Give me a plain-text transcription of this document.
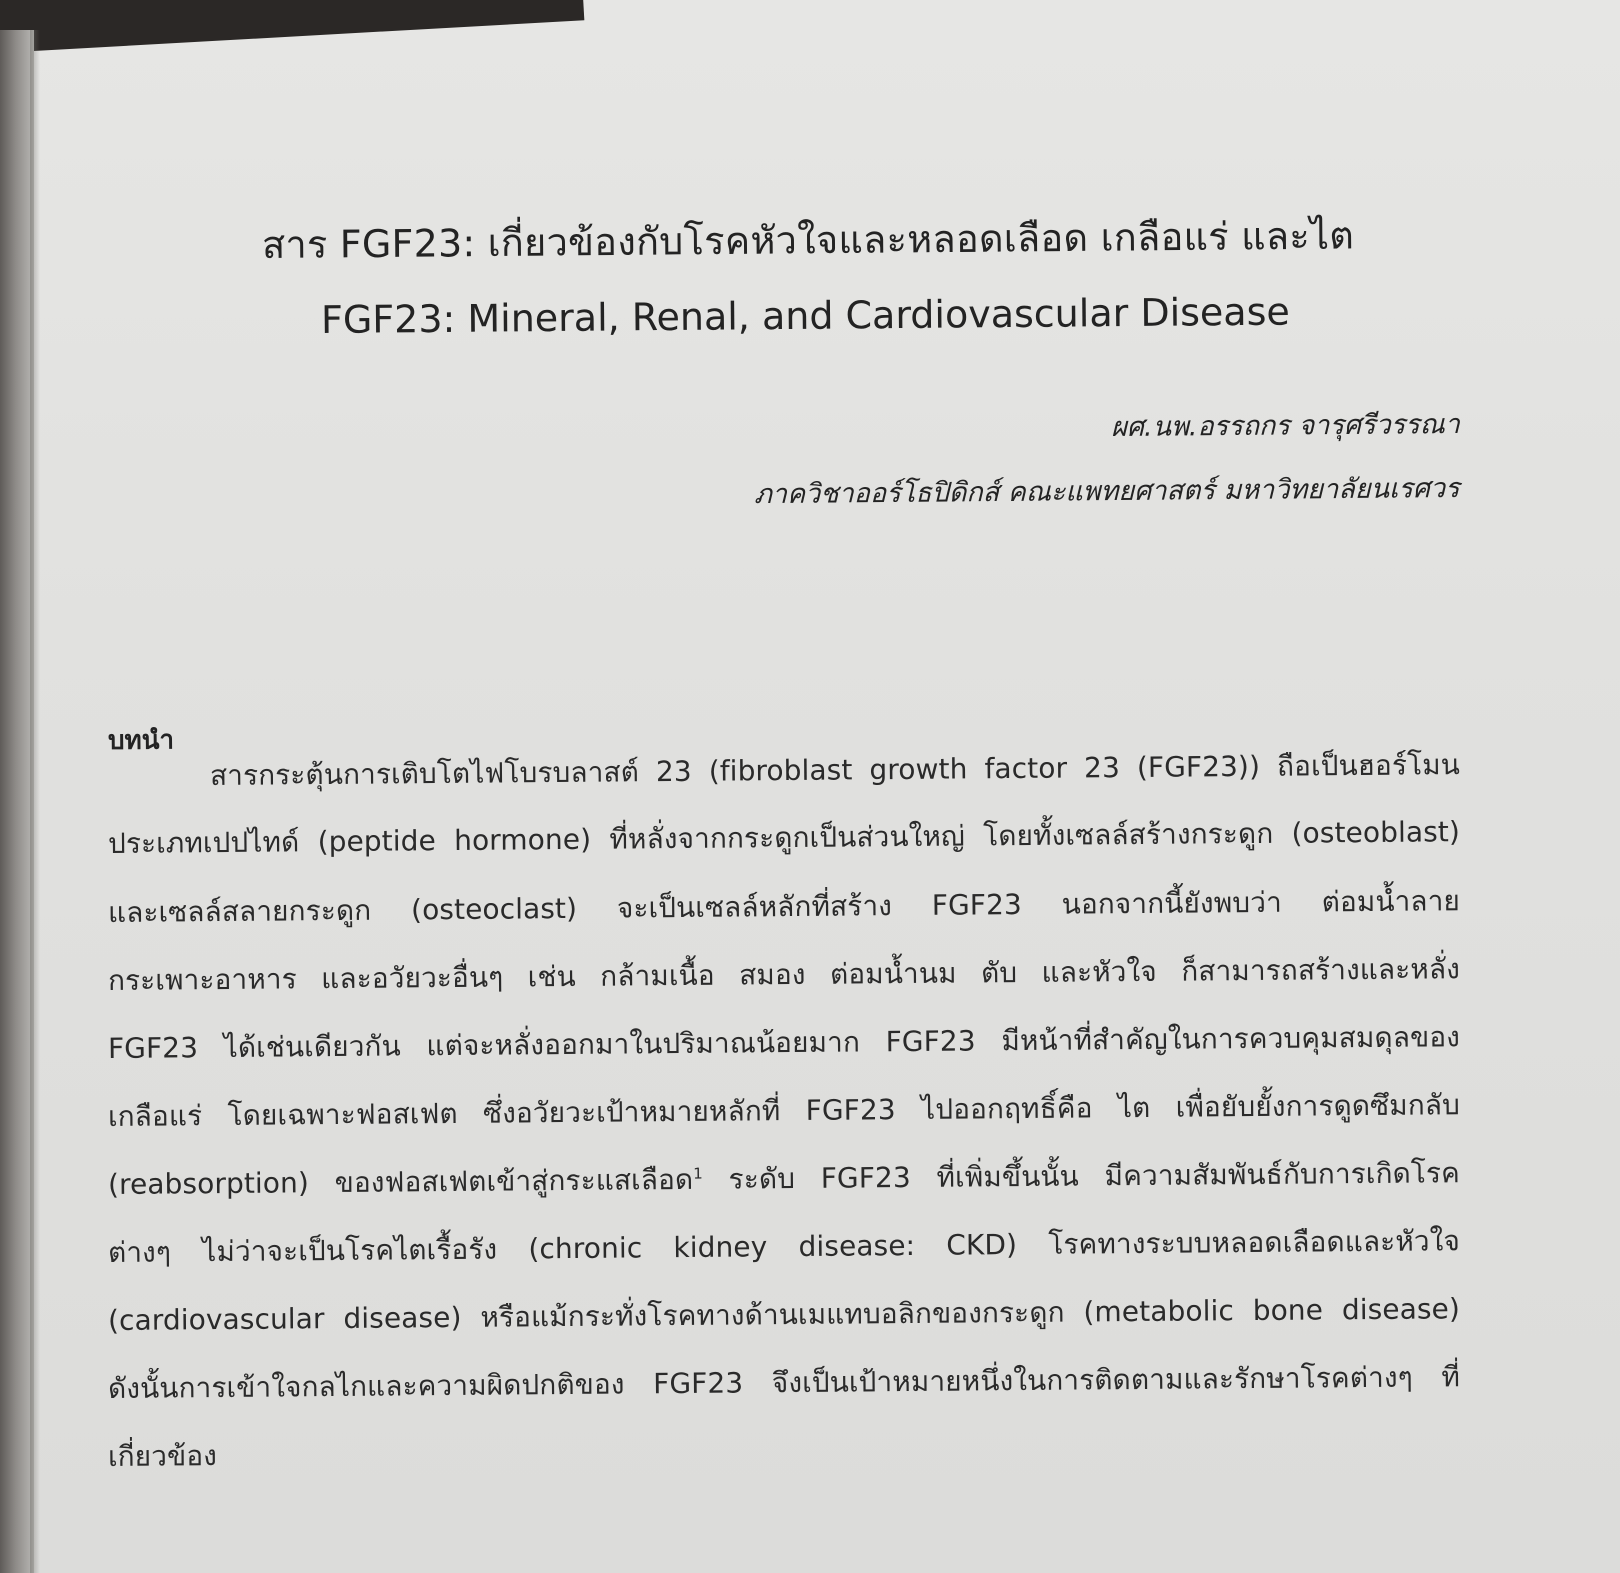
สาร FGF23: เกี่ยวข้องกับโรคหัวใจและหลอดเลือด เกลือแร่ และไต
FGF23: Mineral, Renal, and Cardiovascular Disease
ผศ.นพ.อรรถกร จารุศรีวรรณา
ภาควิชาออร์โธปิดิกส์ คณะแพทยศาสตร์ มหาวิทยาลัยนเรศวร
บทนำ
สารกระตุ้นการเติบโตไฟโบรบลาสต์ 23 (fibroblast growth factor 23 (FGF23)) ถือเป็นฮอร์โมน
ประเภทเปปไทด์ (peptide hormone) ที่หลั่งจากกระดูกเป็นส่วนใหญ่ โดยทั้งเซลล์สร้างกระดูก (osteoblast)
และเซลล์สลายกระดูก (osteoclast) จะเป็นเซลล์หลักที่สร้าง FGF23 นอกจากนี้ยังพบว่า ต่อมน้ำลาย
กระเพาะอาหาร และอวัยวะอื่นๆ เช่น กล้ามเนื้อ สมอง ต่อมน้ำนม ตับ และหัวใจ ก็สามารถสร้างและหลั่ง
FGF23 ได้เช่นเดียวกัน แต่จะหลั่งออกมาในปริมาณน้อยมาก FGF23 มีหน้าที่สำคัญในการควบคุมสมดุลของ
เกลือแร่ โดยเฉพาะฟอสเฟต ซึ่งอวัยวะเป้าหมายหลักที่ FGF23 ไปออกฤทธิ์คือ ไต เพื่อยับยั้งการดูดซึมกลับ
(reabsorption) ของฟอสเฟตเข้าสู่กระแสเลือด$^1$ ระดับ FGF23 ที่เพิ่มขึ้นนั้น มีความสัมพันธ์กับการเกิดโรค
ต่างๆ ไม่ว่าจะเป็นโรคไตเรื้อรัง (chronic kidney disease: CKD) โรคทางระบบหลอดเลือดและหัวใจ
(cardiovascular disease) หรือแม้กระทั่งโรคทางด้านเมแทบอลิกของกระดูก (metabolic bone disease)
ดังนั้นการเข้าใจกลไกและความผิดปกติของ FGF23 จึงเป็นเป้าหมายหนึ่งในการติดตามและรักษาโรคต่างๆ ที่
เกี่ยวข้อง
